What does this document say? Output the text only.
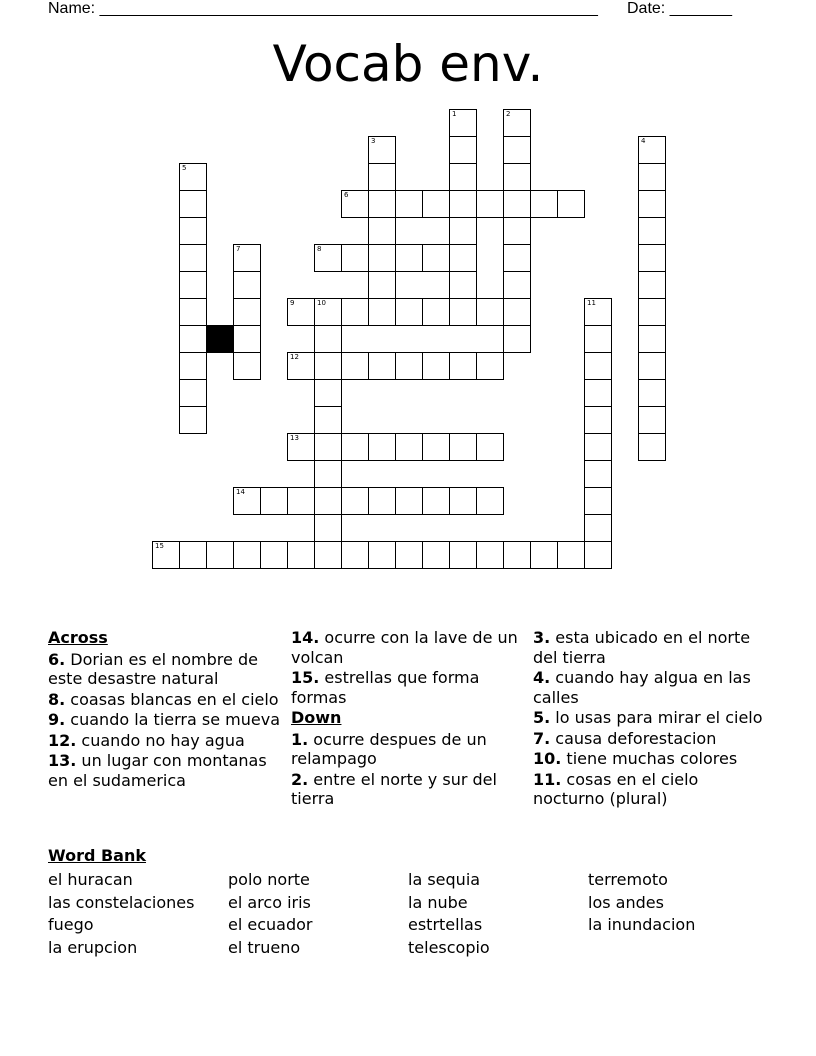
Name: ________________________________________________________ Date: _______
Vocab env.
1	2
3	4
5
6
7	8
9	10	11
12
13
14
15
Across
6. Dorian es el nombre de este desastre natural
8. coasas blancas en el cielo
9. cuando la tierra se mueva
12. cuando no hay agua
13. un lugar con montanas en el sudamerica
14. ocurre con la lave de un volcan
15. estrellas que forma formas
Down
1. ocurre despues de un relampago
2. entre el norte y sur del tierra
3. esta ubicado en el norte del tierra
4. cuando hay algua en las calles
5. lo usas para mirar el cielo
7. causa deforestacion
10. tiene muchas colores
11. cosas en el cielo nocturno (plural)
Word Bank
el huracan
las constelaciones
fuego
la erupcion
polo norte
el arco iris
el ecuador
el trueno
la sequia
la nube
estrtellas
telescopio
terremoto
los andes
la inundacion
